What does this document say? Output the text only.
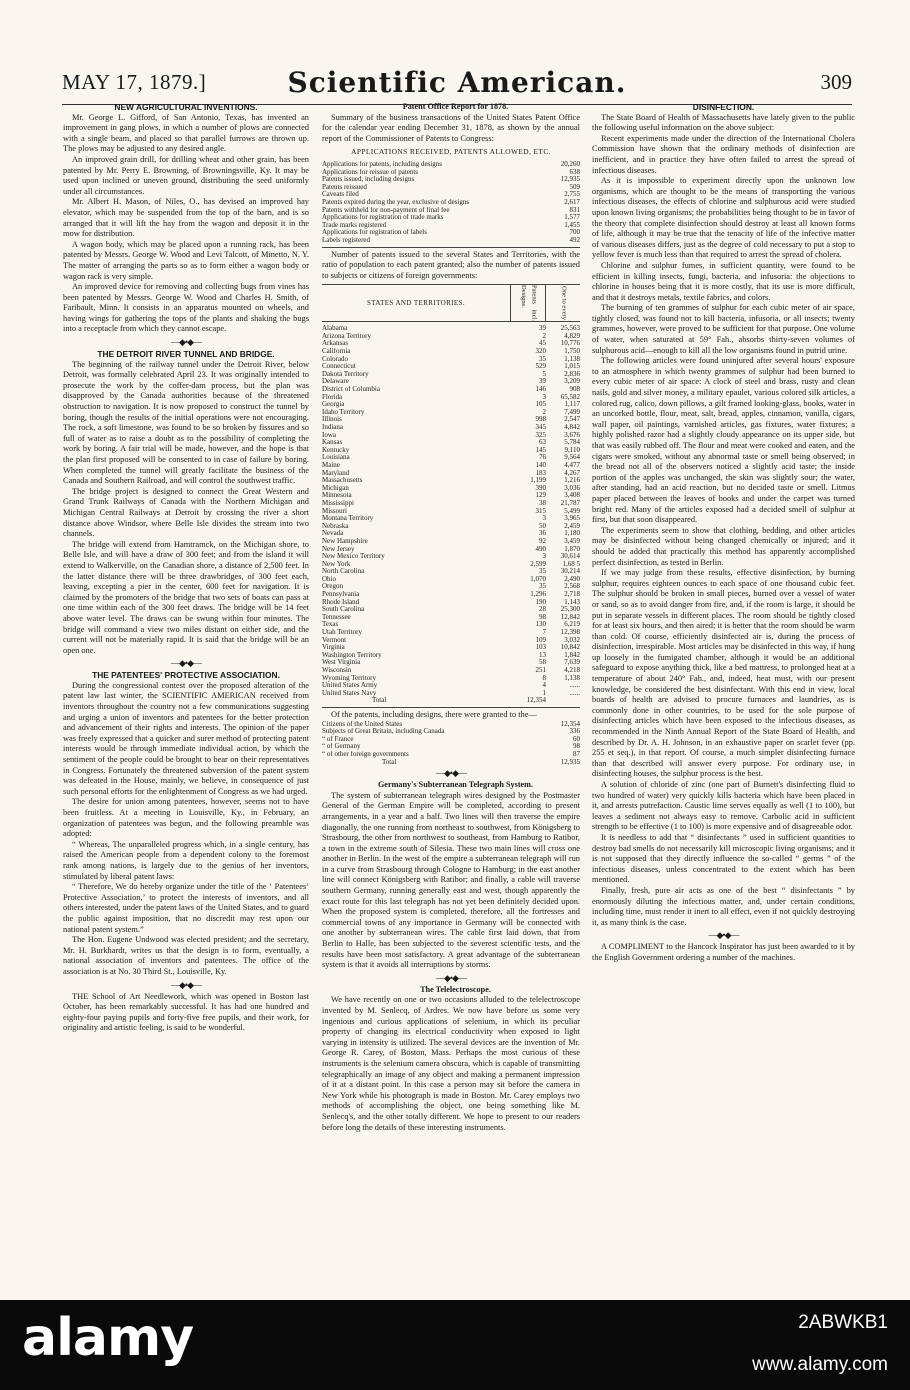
MAY 17, 1879.]	Scientific American.	309

NEW AGRICULTURAL INVENTIONS.

Mr. George L. Gifford, of San Antonio, Texas, has invented an improvement in gang plows, in which a number of plows are connected with a single beam, and placed so that parallel furrows are thrown up. The plows may be adjusted to any desired angle.

An improved grain drill, for drilling wheat and other grain, has been patented by Mr. Perry E. Browning, of Browningsville, Ky. It may be used upon inclined or uneven ground, distributing the seed uniformly under all circumstances.

Mr. Albert H. Mason, of Niles, O., has devised an improved hay elevator, which may be suspended from the top of the barn, and is so arranged that it will lift the hay from the wagon and deposit it in the mow for distribution.

A wagon body, which may be placed upon a running rack, has been patented by Messrs. George W. Wood and Levi Talcott, of Minetto, N. Y. The matter of arranging the parts so as to form either a wagon body or wagon rack is very simple.

An improved device for removing and collecting bugs from vines has been patented by Messrs. George W. Wood and Charles H. Smith, of Faribault, Minn. It consists in an apparatus mounted on wheels, and having wings for gathering the tops of the plants and shaking the bugs into a receptacle from which they cannot escape.

—◆•◆—

THE DETROIT RIVER TUNNEL AND BRIDGE.

The beginning of the railway tunnel under the Detroit River, below Detroit, was formally celebrated April 23. It was originally intended to prosecute the work by the coffer-dam process, but the plan was disapproved by the Canada authorities because of the threatened obstruction to navigation. It is now proposed to construct the tunnel by boring, though the results of the initial operations were not encouraging. The rock, a soft limestone, was found to be so broken by fissures and so full of water as to raise a doubt as to the possibility of completing the work by boring. A fair trial will be made, however, and the hope is that the plan first proposed will be consented to in case of failure by boring. When completed the tunnel will greatly facilitate the business of the Canada and Southern Railroad, and will control the southwest traffic.

The bridge project is designed to connect the Great Western and Grand Trunk Railways of Canada with the Northern Michigan and Michigan Central Railways at Detroit by crossing the river a short distance above Windsor, where Belle Isle divides the stream into two channels.

The bridge will extend from Hamtramck, on the Michigan shore, to Belle Isle, and will have a draw of 300 feet; and from the island it will extend to Walkerville, on the Canadian shore, a distance of 2,500 feet. In the latter distance there will be three drawbridges, of 300 feet each, leaving, excepting a pier in the center, 600 feet for navigation. It is claimed by the promoters of the bridge that two sets of boats can pass at one time within each of the 300 feet draws. The bridge will be 14 feet above water level. The draws can be swung within four minutes. The bridge will command a view two miles distant on either side, and the current will not be materially rapid. It is said that the bridge will be an open one.

—◆•◆—

THE PATENTEES' PROTECTIVE ASSOCIATION.

During the congressional contest over the proposed alteration of the patent law last winter, the SCIENTIFIC AMERICAN received from inventors throughout the country not a few communications suggesting and urging a union of inventors and patentees for the better protection and advancement of their rights and interests. The opinion of the paper was freely expressed that a quicker and surer method of protecting patent interests would be through immediate individual action, by which the sentiment of the people could be brought to bear on their representatives in Congress. Fortunately the threatened subversion of the patent system was defeated in the House, mainly, we believe, in consequence of just such personal efforts for the enlightenment of Congress as we had urged.

The desire for union among patentees, however, seems not to have been fruitless. At a meeting in Louisville, Ky., in February, an organization of patentees was begun, and the following preamble was adopted:

“ Whereas, The unparalleled progress which, in a single century, has raised the American people from a dependent colony to the foremost rank among nations, is largely due to the genius of her inventors, stimulated by liberal patent laws:

“ Therefore, We do hereby organize under the title of the ‘ Patentees’ Protective Association,’ to protect the interests of inventors, and all others interested, under the patent laws of the United States, and to guard the public against imposition, that no discredit may rest upon our national patent system.”

The Hon. Eugene Undwood was elected president; and the secretary, Mr. H. Burkhardt, writes us that the design is to form, eventually, a national association of inventors and patentees. The office of the association is at No. 30 Third St., Louisville, Ky.

—◆•◆—

THE School of Art Needlework, which was opened in Boston last October, has been remarkably successful. It has had one hundred and eighty-four paying pupils and forty-five free pupils, and their work, for originality and artistic feeling, is said to be wonderful.

Patent Office Report for 1878.

Summary of the business transactions of the United States Patent Office for the calendar year ending December 31, 1878, as shown by the annual report of the Commissioner of Patents to Congress:

APPLICATIONS RECEIVED, PATENTS ALLOWED, ETC.
Applications for patents, including designs	20,260
Applications for reissue of patents	638
Patents issued, including designs	12,935
Patents reissued	509
Caveats filed	2,755
Patents expired during the year, exclusive of designs	2,617
Patents withheld for non-payment of final fee	831
Applications for registration of trade marks	1,577
Trade marks registered	1,455
Applications for registration of labels	700
Labels registered	492

Number of patents issued to the several States and Territories, with the ratio of population to each patent granted; also the number of patents issued to subjects or citizens of foreign governments:

STATES AND TERRITORIES.	Patents incl. Designs.	One to every
Alabama	39	25,563
Arizona Territory	2	4,829
Arkansas	45	10,776
California	320	1,750
Colorado	35	1,138
Connecticut	529	1,015
Dakota Territory	5	2,836
Delaware	39	3,209
District of Columbia	146	908
Florida	3	65,582
Georgia	105	1,117
Idaho Territory	2	7,499
Illinois	998	2,547
Indiana	345	4,842
Iowa	325	3,676
Kansas	63	5,784
Kentucky	145	9,110
Louisiana	76	9,564
Maine	140	4,477
Maryland	183	4,267
Massachusetts	1,199	1,216
Michigan	390	3,036
Minnesota	129	3,408
Mississippi	38	21,787
Missouri	315	5,499
Montana Territory	3	3,965
Nebraska	50	2,459
Nevada	36	1,180
New Hampshire	92	3,459
New Jersey	490	1,870
New Mexico Territory	3	30,614
New York	2,599	1,68 5
North Carolina	35	30,214
Ohio	1,070	2,490
Oregon	35	2,568
Pennsylvania	1,296	2,718
Rhode Island	190	1,143
South Carolina	28	25,300
Tennessee	98	12,842
Texas	130	6,219
Utah Territory	7	12,398
Vermont	109	3,032
Virginia	103	10,842
Washington Territory	13	1,842
West Virginia	58	7,639
Wisconsin	251	4,218
Wyoming Territory	8	1,138
United States Army	4	......
United States Navy	1	......
Total	12,354	

Of the patents, including designs, there were granted to the—

Citizens of the United States	12,354
Subjects of Great Britain, including Canada	336
“ of France	60
“ of Germany	98
“ of other foreign governments	87
Total	12,935
—◆•◆—

Germany's Subterranean Telegraph System.

The system of subterranean telegraph wires designed by the Postmaster General of the German Empire will be completed, according to present arrangements, in a year and a half. Two lines will then traverse the empire diagonally, the one running from northeast to southwest, from Königsberg to Strasbourg, the other from northwest to southeast, from Hamburg to Ratibor, a town in the extreme south of Silesia. These two main lines will cross one another in Berlin. In the west of the empire a subterranean telegraph will run in a curve from Strasbourg through Cologne to Hamburg; in the east another line will connect Königsberg with Ratibor; and finally, a cable will traverse southern Germany, running generally east and west, though apparently the exact route for this last telegraph has not yet been definitely decided upon. When the proposed system is completed, therefore, all the fortresses and commercial towns of any importance in Germany will be connected with one another by subterranean wires. The cable first laid down, that from Berlin to Halle, has been subjected to the severest scientific tests, and the results have been most satisfactory. A great advantage of the subterranean system is that it avoids all interruptions by storms.

—◆•◆—

The Telelectroscope.

We have recently on one or two occasions alluded to the telelectroscope invented by M. Senlecq, of Ardres. We now have before us some very ingenious and curious applications of selenium, in which its peculiar property of changing its electrical conductivity when exposed to light varying in intensity is utilized. The several devices are the invention of Mr. George R. Carey, of Boston, Mass. Perhaps the most curious of these instruments is the selenium camera obscura, which is capable of transmitting telegraphically an image of any object and making a permanent impression of it at a distant point. In this case a person may sit before the camera in New York while his photograph is made in Boston. Mr. Carey employs two methods of accomplishing the object, one being something like M. Senlecq's, and the other totally different. We hope to present to our readers before long the details of these interesting instruments.

DISINFECTION.

The State Board of Health of Massachusetts have lately given to the public the following useful information on the above subject:

Recent experiments made under the direction of the International Cholera Commission have shown that the ordinary methods of disinfection are inefficient, and in practice they have often failed to arrest the spread of infectious diseases.

As it is impossible to experiment directly upon the unknown low organisms, which are thought to be the means of transporting the various infectious diseases, the effects of chlorine and sulphurous acid were studied upon known living organisms; the probabilities being thought to be in favor of the theory that complete disinfection should destroy at least all known forms of life, although it may be true that the tenacity of life of the infective matter of various diseases differs, just as the degree of cold necessary to put a stop to yellow fever is much less than that required to arrest the spread of cholera.

Chlorine and sulphur fumes, in sufficient quantity, were found to be efficient in killing insects, fungi, bacteria, and infusoria: the objections to chlorine in houses being that it is more costly, that its use is more difficult, and that it destroys metals, textile fabrics, and colors.

The burning of ten grammes of sulphur for each cubic meter of air space, tightly closed, was found not to kill bacteria, infusoria, or all insects; twenty grammes, however, were proved to be sufficient for that purpose. One volume of water, when saturated at 59° Fah., absorbs thirty-seven volumes of sulphurous acid—enough to kill all the low organisms found in putrid urine.

The following articles were found uninjured after several hours' exposure to an atmosphere in which twenty grammes of sulphur had been burned to every cubic meter of air space: A clock of steel and brass, rusty and clean nails, gold and silver money, a military epaulet, various colored silk articles, a colored rug, calico, down pillows, a gilt framed looking-glass, books, water in an uncorked bottle, flour, meat, salt, bread, apples, cinnamon, vanilla, cigars, wall paper, oil paintings, varnished articles, gas fixtures, water fixtures; a highly polished razor had a slightly cloudy appearance on its upper side, but that was easily rubbed off. The flour and meat were cooked and eaten, and the cigars were smoked, without any abnormal taste or smell being observed; in the bread not all of the observers noticed a slightly acid taste; the inside portion of the apples was unchanged, the skin was slightly sour; the water, after standing, had an acid reaction, but no decided taste or smell. Litmus paper placed between the leaves of books and under the carpet was turned bright red. Many of the articles exposed had a decided smell of sulphur at first, but that soon disappeared.

The experiments seem to show that clothing, bedding, and other articles may be disinfected without being changed chemically or injured; and it should be added that practically this method has apparently accomplished perfect disinfection, as tested in Berlin.

If we may judge from these results, effective disinfection, by burning sulphur, requires eighteen ounces to each space of one thousand cubic feet. The sulphur should be broken in small pieces, burned over a vessel of water or sand, so as to avoid danger from fire, and, if the room is large, it should be put in separate vessels in different places. The room should be tightly closed for at least six hours, and then aired; it is better that the room should be warm than cold. Of course, efficiently disinfected air is, during the process of disinfection, irrespirable. Most articles may be disinfected in this way, if hung up loosely in the fumigated chamber, although it would be an additional safeguard to expose anything thick, like a bed mattress, to prolonged heat at a temperature of about 240° Fah., and, indeed, heat must, with our present knowledge, be considered the best disinfectant. With this end in view, local boards of health are advised to procure furnaces and laundries, as is commonly done in other countries, to be used for the sole purpose of disinfecting articles which have been exposed to the infectious diseases, as recommended in the Ninth Annual Report of the State Board of Health, and described by Dr. A. H. Johnson, in an exhaustive paper on scarlet fever (pp. 255 et seq.), in that report. Of course, a much simpler disinfecting furnace than that described will answer every purpose. For ordinary use, in disinfecting houses, the sulphur process is the best.

A solution of chloride of zinc (one part of Burnett's disinfecting fluid to two hundred of water) very quickly kills bacteria which have been placed in it, and arrests putrefaction. Caustic lime serves equally as well (1 to 100), but leaves a sediment not always easy to remove. Carbolic acid in sufficient strength to be effective (1 to 100) is more expensive and of disagreeable odor.

It is needless to add that “ disinfectants ” used in sufficient quantities to destroy bad smells do not necessarily kill microscopic living organisms; and it is not supposed that they directly influence the so-called “ germs ” of the infectious diseases, unless concentrated to the extent which has been mentioned.

Finally, fresh, pure air acts as one of the best “ disinfectants ” by enormously diluting the infectious matter, and, under certain conditions, including time, must render it inert to all effect, even if not quickly destroying it, as many think is the case.

—◆•◆—

A COMPLIMENT to the Hancock Inspirator has just been awarded to it by the English Government ordering a number of the machines.

alamy	2ABWKB1
www.alamy.com
